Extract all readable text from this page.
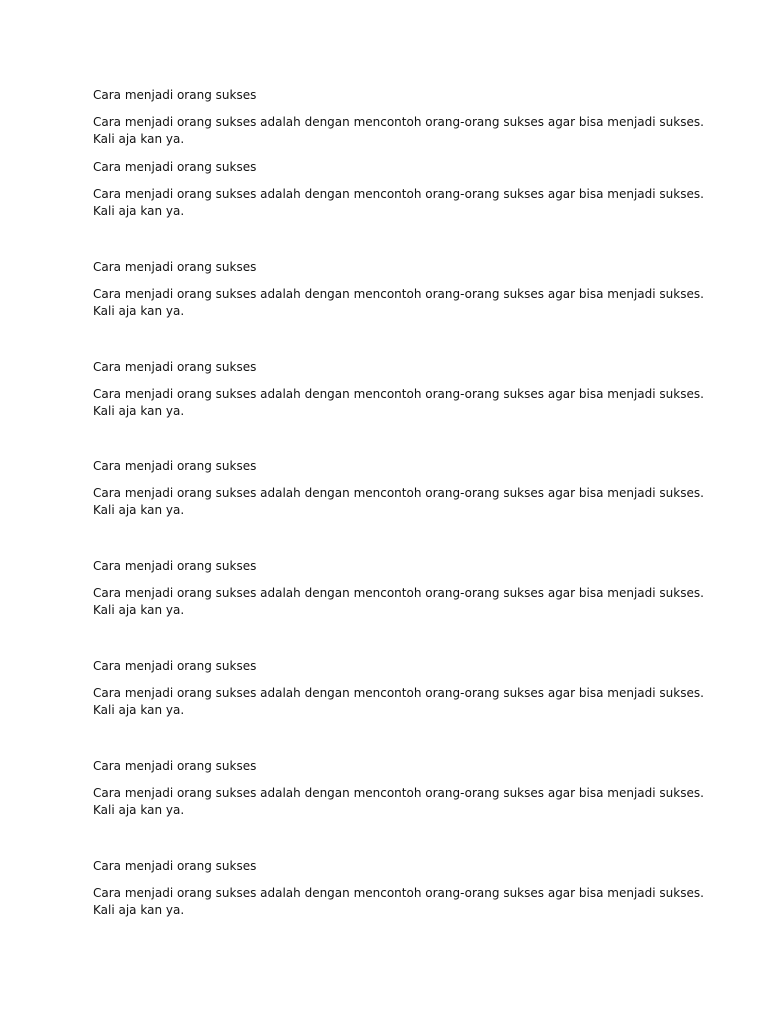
Cara menjadi orang sukses

Cara menjadi orang sukses adalah dengan mencontoh orang-orang sukses agar bisa menjadi sukses.
Kali aja kan ya.

Cara menjadi orang sukses

Cara menjadi orang sukses adalah dengan mencontoh orang-orang sukses agar bisa menjadi sukses.
Kali aja kan ya.

Cara menjadi orang sukses

Cara menjadi orang sukses adalah dengan mencontoh orang-orang sukses agar bisa menjadi sukses.
Kali aja kan ya.

Cara menjadi orang sukses

Cara menjadi orang sukses adalah dengan mencontoh orang-orang sukses agar bisa menjadi sukses.
Kali aja kan ya.

Cara menjadi orang sukses

Cara menjadi orang sukses adalah dengan mencontoh orang-orang sukses agar bisa menjadi sukses.
Kali aja kan ya.

Cara menjadi orang sukses

Cara menjadi orang sukses adalah dengan mencontoh orang-orang sukses agar bisa menjadi sukses.
Kali aja kan ya.

Cara menjadi orang sukses

Cara menjadi orang sukses adalah dengan mencontoh orang-orang sukses agar bisa menjadi sukses.
Kali aja kan ya.

Cara menjadi orang sukses

Cara menjadi orang sukses adalah dengan mencontoh orang-orang sukses agar bisa menjadi sukses.
Kali aja kan ya.

Cara menjadi orang sukses

Cara menjadi orang sukses adalah dengan mencontoh orang-orang sukses agar bisa menjadi sukses.
Kali aja kan ya.
